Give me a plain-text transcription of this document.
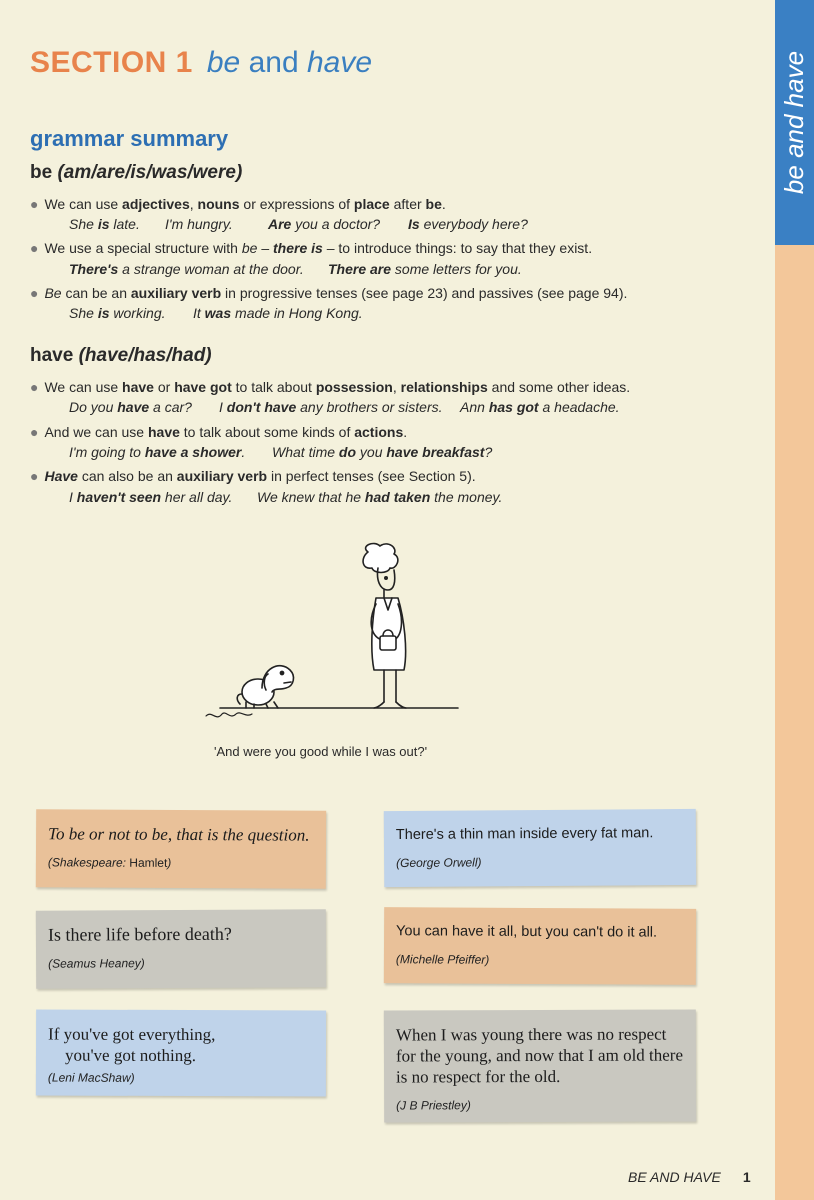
be and have
SECTION 1 be and have
grammar summary
be (am/are/is/was/were)

● We can use adjectives, nouns or expressions of place after be.

She is late. I'm hungry.	Are you a doctor? Is everybody here?

● We use a special structure with be – there is – to introduce things: to say that they exist.

There's a strange woman at the door. There are some letters for you.

● Be can be an auxiliary verb in progressive tenses (see page 23) and passives (see page 94).

She is working. It was made in Hong Kong.

have (have/has/had)

● We can use have or have got to talk about possession, relationships and some other ideas.

Do you have a car? I don't have any brothers or sisters. Ann has got a headache.

● And we can use have to talk about some kinds of actions.

I'm going to have a shower. What time do you have breakfast?

● Have can also be an auxiliary verb in perfect tenses (see Section 5).

I haven't seen her all day. We knew that he had taken the money.

'And were you good while I was out?'

To be or not to be, that is the question.

(Shakespeare: Hamlet)

There's a thin man inside every fat man.

(George Orwell)

Is there life before death?

(Seamus Heaney)

You can have it all, but you can't do it all.

(Michelle Pfeiffer)

If you've got everything,
you've got nothing.

(Leni MacShaw)

When I was young there was no respect for the young, and now that I am old there is no respect for the old.

(J B Priestley)

BE AND HAVE 1
